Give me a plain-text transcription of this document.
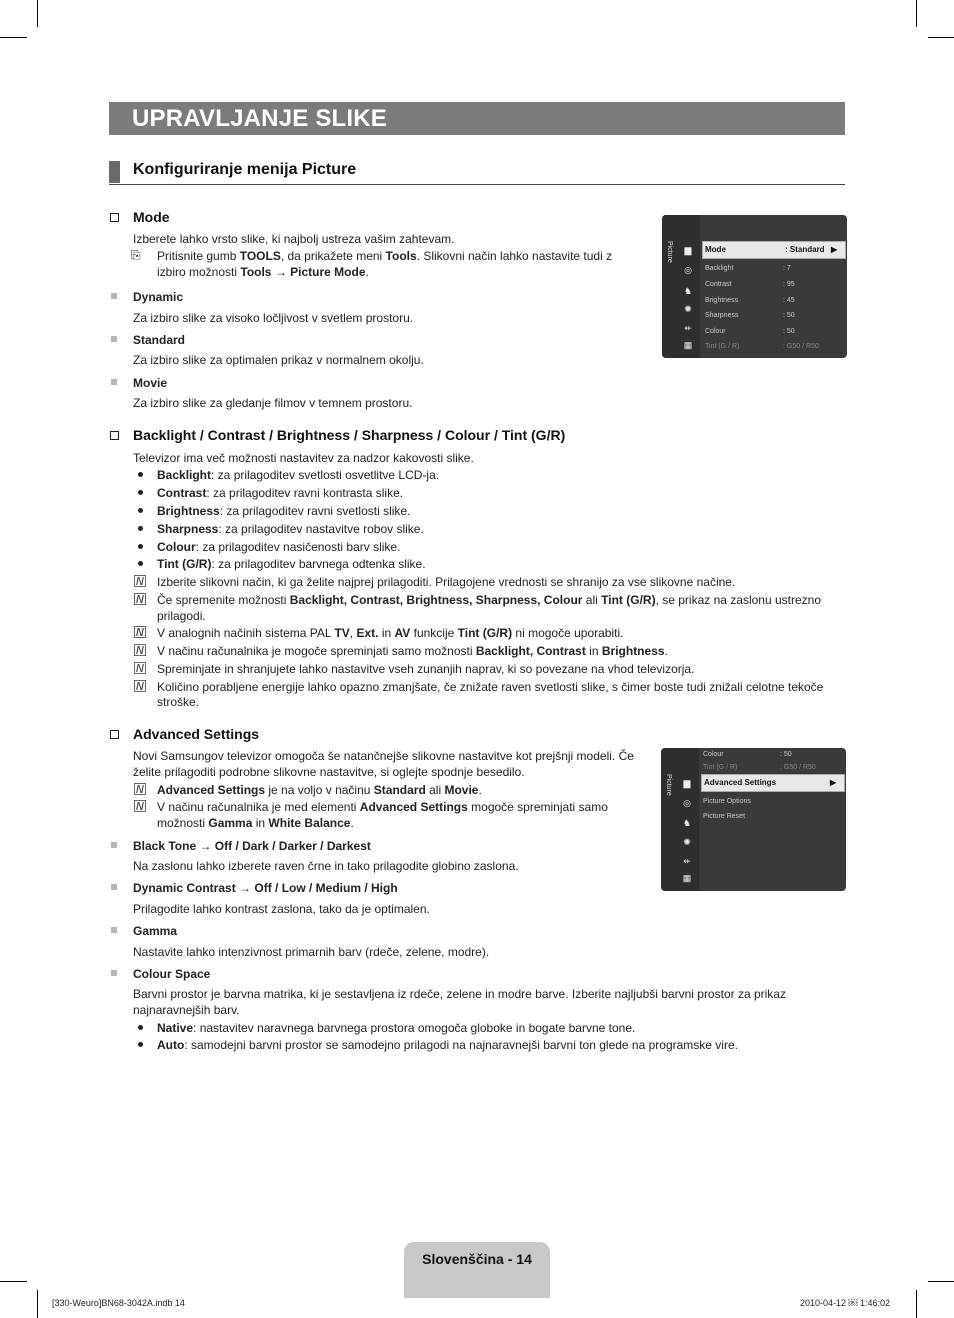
UPRAVLJANJE SLIKE
Konfiguriranje menija Picture
Mode
Izberete lahko vrsto slike, ki najbolj ustreza vašim zahtevam.
⎘	Pritisnite gumb TOOLS, da prikažete meni Tools. Slikovni način lahko nastavite tudi z
izbiro možnosti Tools → Picture Mode.
Dynamic
Za izbiro slike za visoko ločljivost v svetlem prostoru.
Standard
Za izbiro slike za optimalen prikaz v normalnem okolju.
Movie
Za izbiro slike za gledanje filmov v temnem prostoru.
Picture ▆
◎
♞
✺
⇷
▦
Mode	: Standard ▶
Backlight	: 7
Contrast	: 95
Brightness	: 45
Sharpness	: 50
Colour	: 50
Tint (G / R)	: G50 / R50
Backlight / Contrast / Brightness / Sharpness / Colour / Tint (G/R)
Televizor ima več možnosti nastavitev za nadzor kakovosti slike.
Backlight: za prilagoditev svetlosti osvetlitve LCD-ja.
Contrast: za prilagoditev ravni kontrasta slike.
Brightness: za prilagoditev ravni svetlosti slike.
Sharpness: za prilagoditev nastavitve robov slike.
Colour: za prilagoditev nasičenosti barv slike.
Tint (G/R): za prilagoditev barvnega odtenka slike.
N Izberite slikovni način, ki ga želite najprej prilagoditi. Prilagojene vrednosti se shranijo za vse slikovne načine.
N Če spremenite možnosti Backlight, Contrast, Brightness, Sharpness, Colour ali Tint (G/R), se prikaz na zaslonu ustrezno
prilagodi.
N V analognih načinih sistema PAL TV, Ext. in AV funkcije Tint (G/R) ni mogoče uporabiti.
N V načinu računalnika je mogoče spreminjati samo možnosti Backlight, Contrast in Brightness.
N Spreminjate in shranjujete lahko nastavitve vseh zunanjih naprav, ki so povezane na vhod televizorja.
N Količino porabljene energije lahko opazno zmanjšate, če znižate raven svetlosti slike, s čimer boste tudi znižali celotne tekoče
stroške.
Advanced Settings
Novi Samsungov televizor omogoča še natančnejše slikovne nastavitve kot prejšnji modeli. Če
želite prilagoditi podrobne slikovne nastavitve, si oglejte spodnje besedilo.
N Advanced Settings je na voljo v načinu Standard ali Movie.
N V načinu računalnika je med elementi Advanced Settings mogoče spreminjati samo
možnosti Gamma in White Balance.
Picture ▆
◎
♞
✺
⇷
▦
Colour	: 50
Tint (G / R)	: G50 / R50
Advanced Settings	▶
Picture Options
Picture Reset
Black Tone → Off / Dark / Darker / Darkest
Na zaslonu lahko izberete raven črne in tako prilagodite globino zaslona.
Dynamic Contrast → Off / Low / Medium / High
Prilagodite lahko kontrast zaslona, tako da je optimalen.
Gamma
Nastavite lahko intenzivnost primarnih barv (rdeče, zelene, modre).
Colour Space
Barvni prostor je barvna matrika, ki je sestavljena iz rdeče, zelene in modre barve. Izberite najljubši barvni prostor za prikaz
najnaravnejših barv.
Native: nastavitev naravnega barvnega prostora omogoča globoke in bogate barvne tone.
Auto: samodejni barvni prostor se samodejno prilagodi na najnaravnejši barvni ton glede na programske vire.
Slovenščina - 14
[330-Weuro]BN68-3042A.indb 14	2010-04-12 ￼ 1:46:02
